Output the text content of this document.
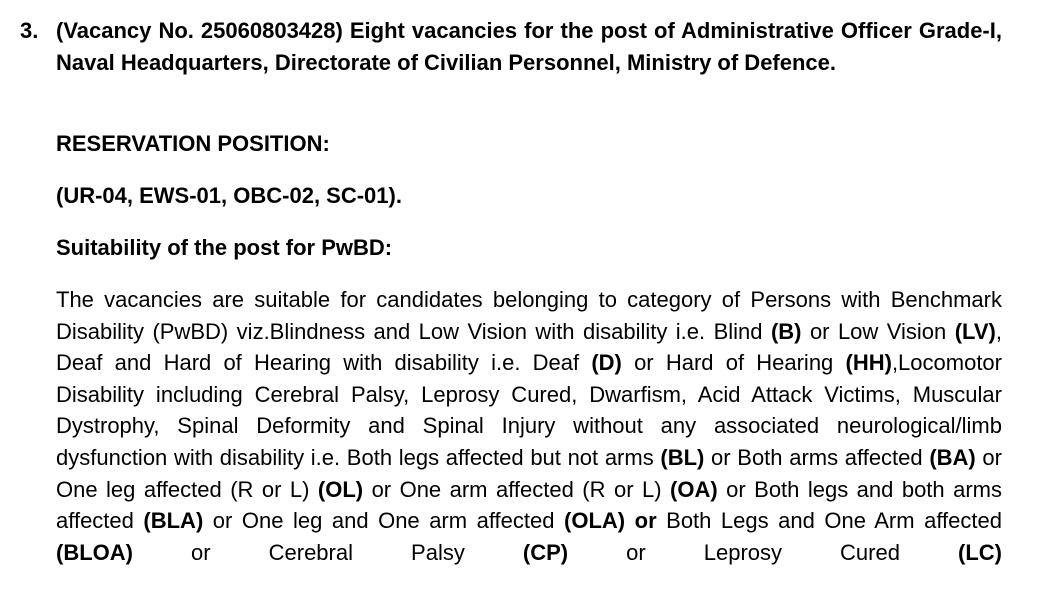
3. (Vacancy No. 25060803428) Eight vacancies for the post of Administrative Officer Grade-I, Naval Headquarters, Directorate of Civilian Personnel, Ministry of Defence.
RESERVATION POSITION:
(UR-04, EWS-01, OBC-02, SC-01).
Suitability of the post for PwBD:
The vacancies are suitable for candidates belonging to category of Persons with Benchmark Disability (PwBD) viz.Blindness and Low Vision with disability i.e. Blind (B) or Low Vision (LV), Deaf and Hard of Hearing with disability i.e. Deaf (D) or Hard of Hearing (HH),Locomotor Disability including Cerebral Palsy, Leprosy Cured, Dwarfism, Acid Attack Victims, Muscular Dystrophy, Spinal Deformity and Spinal Injury without any associated neurological/limb dysfunction with disability i.e. Both legs affected but not arms (BL) or Both arms affected (BA) or One leg affected (R or L) (OL) or One arm affected (R or L) (OA) or Both legs and both arms affected (BLA) or One leg and One arm affected (OLA) or Both Legs and One Arm affected (BLOA) or Cerebral Palsy (CP) or Leprosy Cured (LC)
